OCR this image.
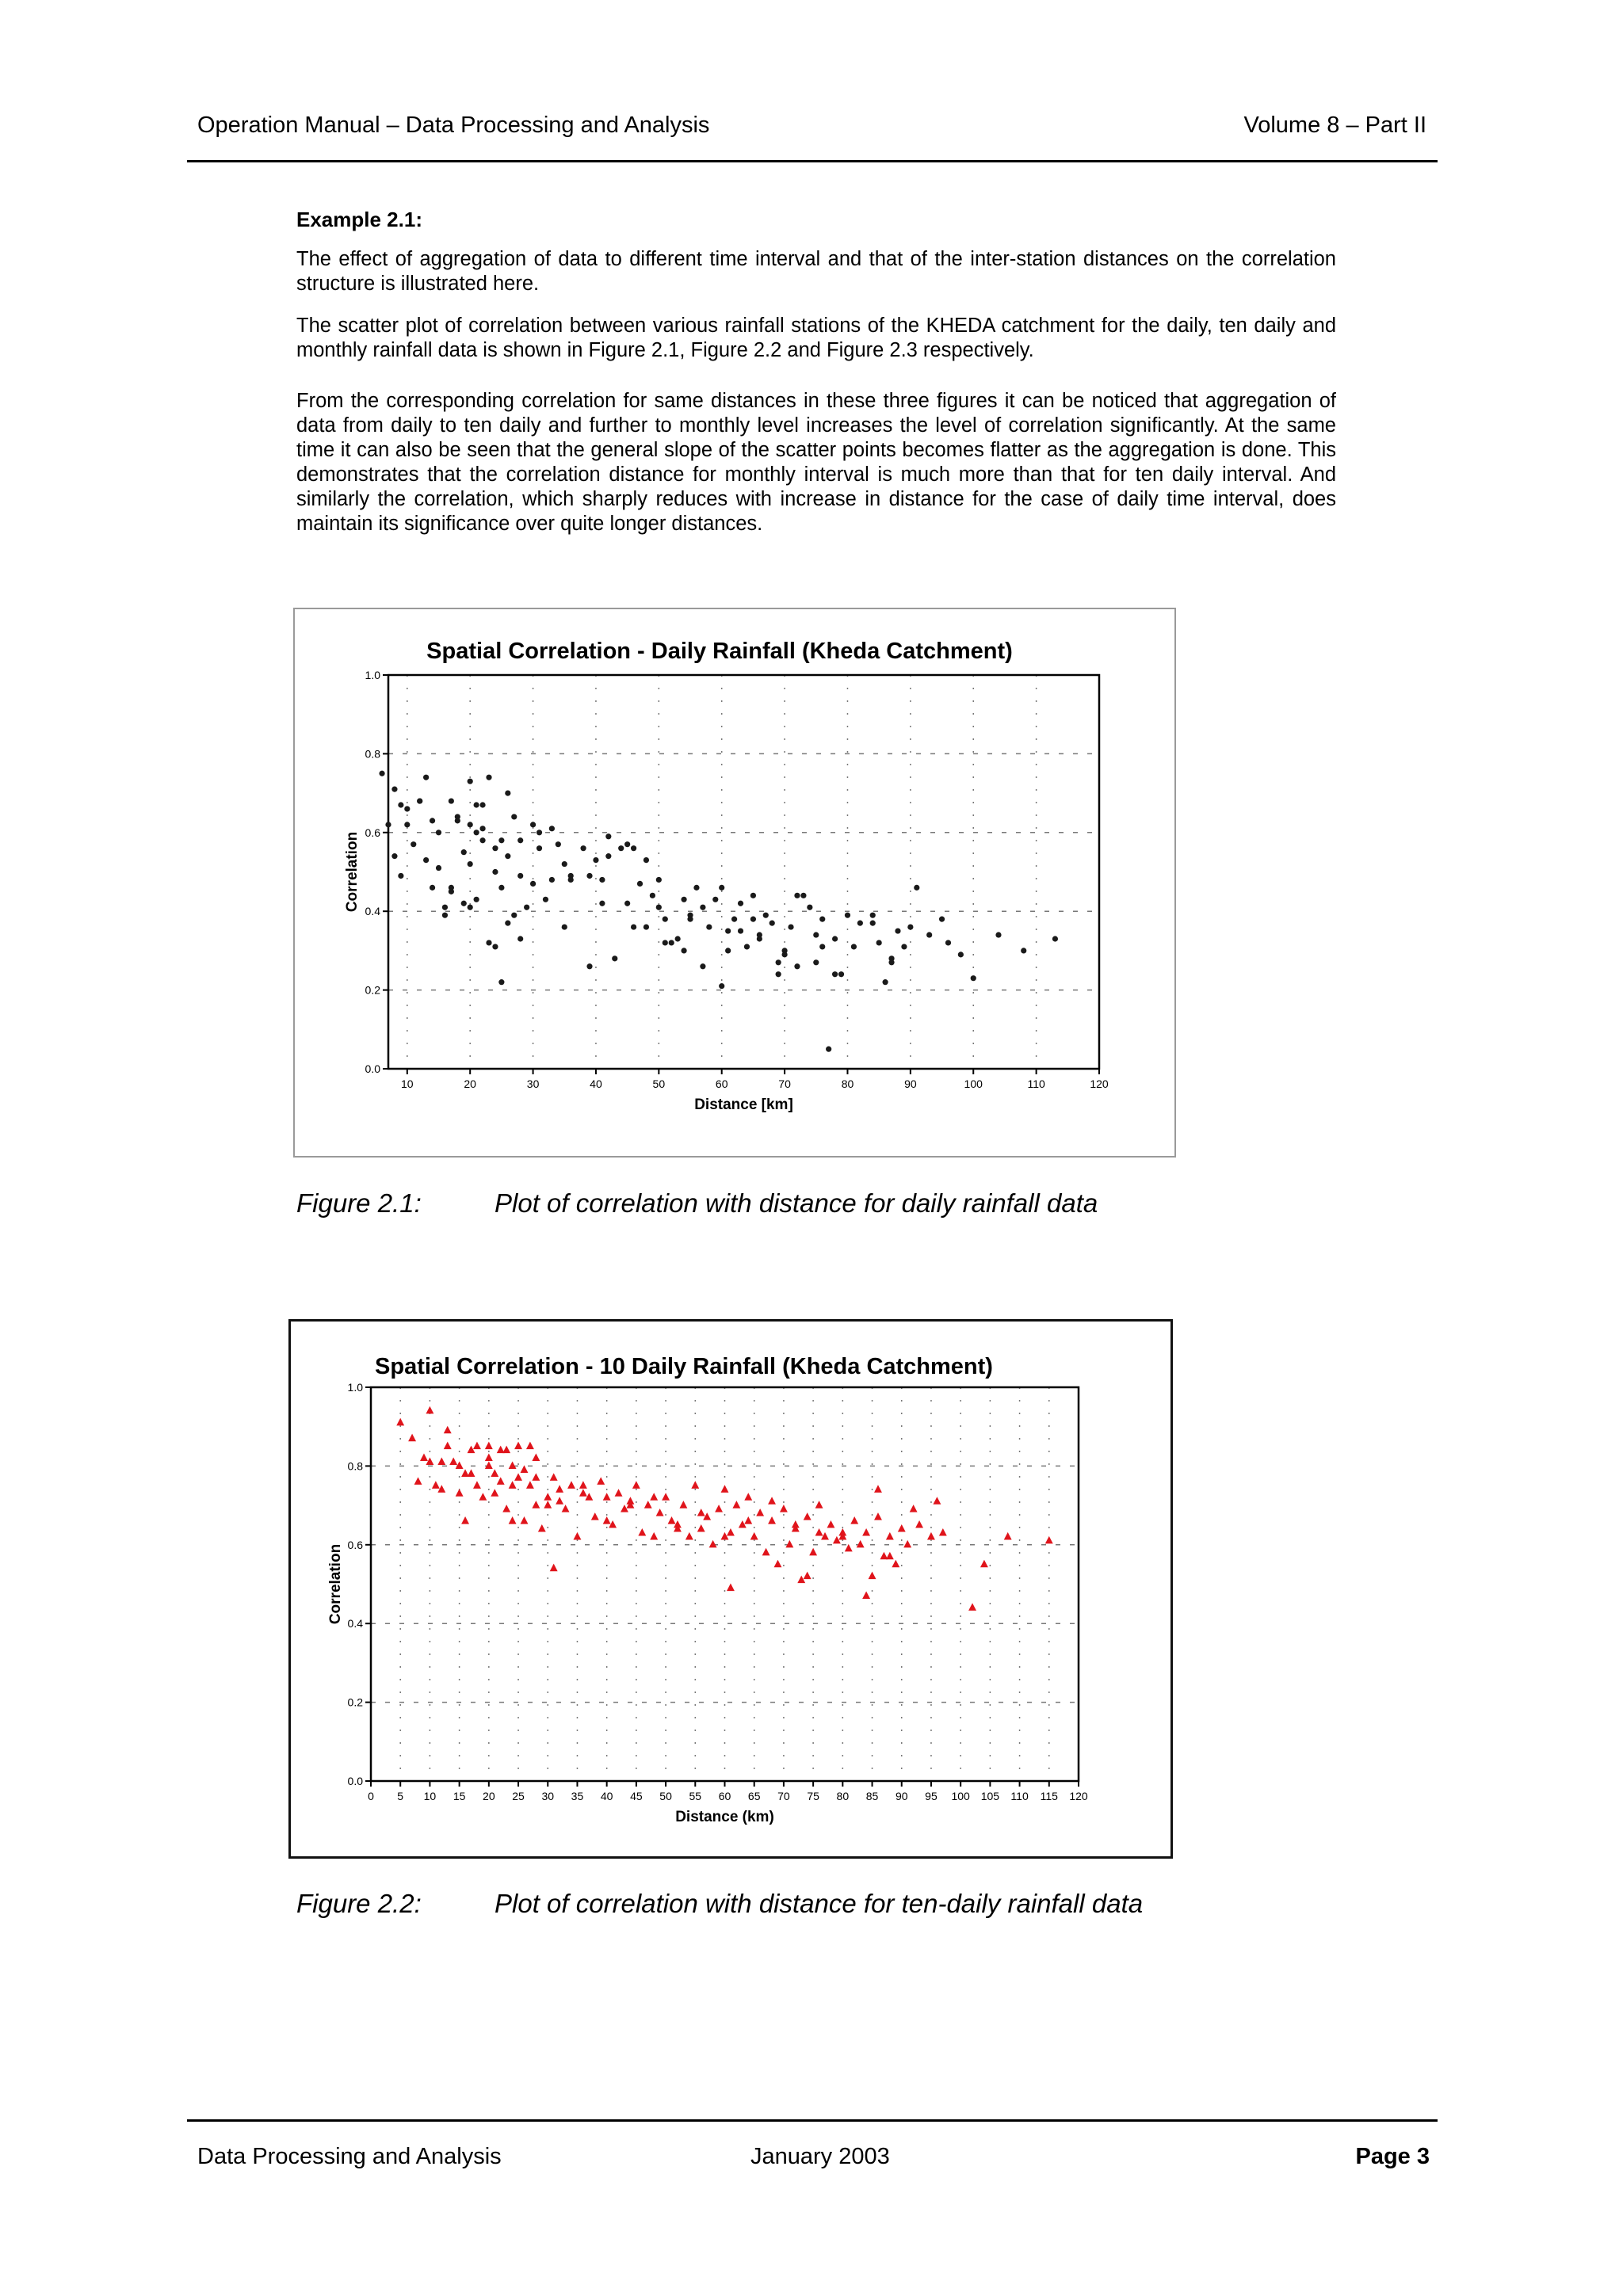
Operation Manual – Data Processing and Analysis	Volume 8 – Part II
Example 2.1:
The effect of aggregation of data to different time interval and that of the inter-station distances on the correlation structure is illustrated here.
The scatter plot of correlation between various rainfall stations of the KHEDA catchment for the daily, ten daily and monthly rainfall data is shown in Figure 2.1, Figure 2.2 and Figure 2.3 respectively.
From the corresponding correlation for same distances in these three figures it can be noticed that aggregation of data from daily to ten daily and further to monthly level increases the level of correlation significantly. At the same time it can also be seen that the general slope of the scatter points becomes flatter as the aggregation is done. This demonstrates that the correlation distance for monthly interval is much more than that for ten daily interval. And similarly the correlation, which sharply reduces with increase in distance for the case of daily time interval, does maintain its significance over quite longer distances.
Spatial Correlation - Daily Rainfall (Kheda Catchment)
0.0
0.2
0.4
0.6
0.8
1.0
10	20	30	40	50	60	70	80	90	100	110	120
Distance [km]
Correlation
Figure 2.1:	Plot of correlation with distance for daily rainfall data
Spatial Correlation - 10 Daily Rainfall (Kheda Catchment)
0.0
0.2
0.4
0.6
0.8
1.0
0 5 10 15 20 25 30 35 40 45 50 55 60 65 70 75 80 85 90 95 100 105 110 115 120
Distance (km)
Correlation
Figure 2.2:	Plot of correlation with distance for ten-daily rainfall data
Data Processing and Analysis	January 2003	Page 3
